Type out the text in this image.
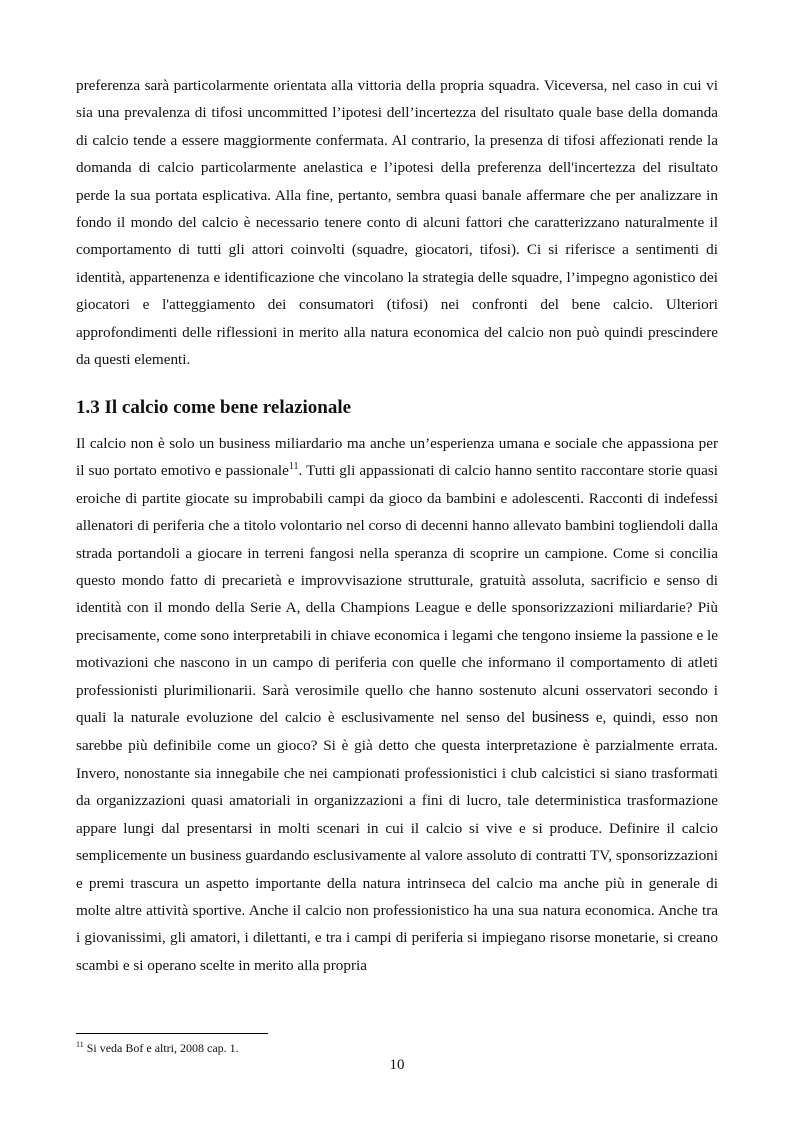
preferenza sarà particolarmente orientata alla vittoria della propria squadra. Viceversa, nel caso in cui vi sia una prevalenza di tifosi uncommitted l’ipotesi dell’incertezza del risultato quale base della domanda di calcio tende a essere maggiormente confermata. Al contrario, la presenza di tifosi affezionati rende la domanda di calcio particolarmente anelastica e l’ipotesi della preferenza dell'incertezza del risultato perde la sua portata esplicativa. Alla fine, pertanto, sembra quasi banale affermare che per analizzare in fondo il mondo del calcio è necessario tenere conto di alcuni fattori che caratterizzano naturalmente il comportamento di tutti gli attori coinvolti (squadre, giocatori, tifosi). Ci si riferisce a sentimenti di identità, appartenenza e identificazione che vincolano la strategia delle squadre, l’impegno agonistico dei giocatori e l'atteggiamento dei consumatori (tifosi) nei confronti del bene calcio. Ulteriori approfondimenti delle riflessioni in merito alla natura economica del calcio non può quindi prescindere da questi elementi.

1.3 Il calcio come bene relazionale

Il calcio non è solo un business miliardario ma anche un’esperienza umana e sociale che appassiona per il suo portato emotivo e passionale$^{11}$. Tutti gli appassionati di calcio hanno sentito raccontare storie quasi eroiche di partite giocate su improbabili campi da gioco da bambini e adolescenti. Racconti di indefessi allenatori di periferia che a titolo volontario nel corso di decenni hanno allevato bambini togliendoli dalla strada portandoli a giocare in terreni fangosi nella speranza di scoprire un campione. Come si concilia questo mondo fatto di precarietà e improvvisazione strutturale, gratuità assoluta, sacrificio e senso di identità con il mondo della Serie A, della Champions League e delle sponsorizzazioni miliardarie? Più precisamente, come sono interpretabili in chiave economica i legami che tengono insieme la passione e le motivazioni che nascono in un campo di periferia con quelle che informano il comportamento di atleti professionisti plurimilionarii. Sarà verosimile quello che hanno sostenuto alcuni osservatori secondo i quali la naturale evoluzione del calcio è esclusivamente nel senso del business e, quindi, esso non sarebbe più definibile come un gioco? Si è già detto che questa interpretazione è parzialmente errata. Invero, nonostante sia innegabile che nei campionati professionistici i club calcistici si siano trasformati da organizzazioni quasi amatoriali in organizzazioni a fini di lucro, tale deterministica trasformazione appare lungi dal presentarsi in molti scenari in cui il calcio si vive e si produce. Definire il calcio semplicemente un business guardando esclusivamente al valore assoluto di contratti TV, sponsorizzazioni e premi trascura un aspetto importante della natura intrinseca del calcio ma anche più in generale di molte altre attività sportive. Anche il calcio non professionistico ha una sua natura economica. Anche tra i giovanissimi, gli amatori, i dilettanti, e tra i campi di periferia si impiegano risorse monetarie, si creano scambi e si operano scelte in merito alla propria

$^{11}$ Si veda Bof e altri, 2008 cap. 1.
10
